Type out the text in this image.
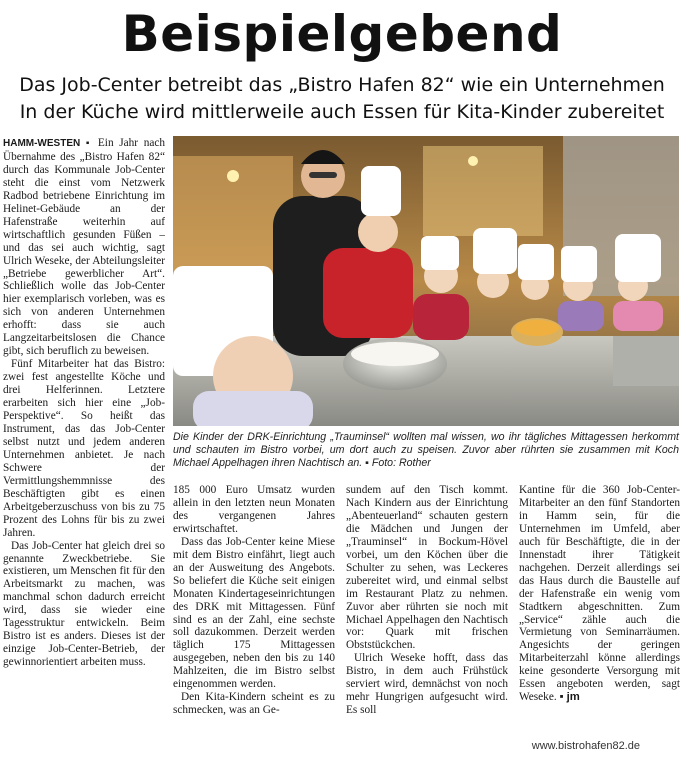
Beispielgebend
Das Job-Center betreibt das „Bistro Hafen 82“ wie ein Unternehmen
In der Küche wird mittlerweile auch Essen für Kita-Kinder zubereitet

HAMM-WESTEN ▪ Ein Jahr nach Übernahme des „Bistro Hafen 82“ durch das Kommunale Job-Center steht die einst vom Netzwerk Radbod betriebene Einrichtung im Helinet-Gebäude an der Hafenstraße weiterhin auf wirtschaftlich gesunden Füßen – und das sei auch wichtig, sagt Ulrich Weseke, der Abteilungsleiter „Betriebe gewerblicher Art“. Schließlich wolle das Job-Center hier exemplarisch vorleben, was es sich von anderen Unternehmen erhofft: dass sie auch Langzeitarbeitslosen die Chance gibt, sich beruflich zu beweisen.

Fünf Mitarbeiter hat das Bistro: zwei fest angestellte Köche und drei Helferinnen. Letztere erarbeiten sich hier eine „Job-Perspektive“. So heißt das Instrument, das das Job-Center selbst nutzt und jedem anderen Unternehmen anbietet. Je nach Schwere der Vermittlungshemmnisse des Beschäftigten gibt es einen Arbeitgeberzuschuss von bis zu 75 Prozent des Lohns für bis zu zwei Jahren.

Das Job-Center hat gleich drei so genannte Zweckbetriebe. Sie existieren, um Menschen fit für den Arbeitsmarkt zu machen, was manchmal schon dadurch erreicht wird, dass sie wieder eine Tagesstruktur entwickeln. Beim Bistro ist es anders. Dieses ist der einzige Job-Center-Betrieb, der gewinnorientiert arbeiten muss.

Die Kinder der DRK-Einrichtung „Trauminsel“ wollten mal wissen, wo ihr tägliches Mittagessen herkommt und schauten im Bistro vorbei, um dort auch zu speisen. Zuvor aber rührten sie zusammen mit Koch Michael Appelhagen ihren Nachtisch an. ▪ Foto: Rother

185 000 Euro Umsatz wurden allein in den letzten neun Monaten des vergangenen Jahres erwirtschaftet.

Dass das Job-Center keine Miese mit dem Bistro einfährt, liegt auch an der Ausweitung des Angebots. So beliefert die Küche seit einigen Monaten Kindertageseinrichtungen des DRK mit Mittagessen. Fünf sind es an der Zahl, eine sechste soll dazukommen. Derzeit werden täglich 175 Mittagessen ausgegeben, neben den bis zu 140 Mahlzeiten, die im Bistro selbst eingenommen werden.

Den Kita-Kindern scheint es zu schmecken, was an Ge-

sundem auf den Tisch kommt. Nach Kindern aus der Einrichtung „Abenteuerland“ schauten gestern die Mädchen und Jungen der „Trauminsel“ in Bockum-Hövel vorbei, um den Köchen über die Schulter zu sehen, was Leckeres zubereitet wird, und einmal selbst im Restaurant Platz zu nehmen. Zuvor aber rührten sie noch mit Michael Appelhagen den Nachtisch vor: Quark mit frischen Obststückchen.

Ulrich Weseke hofft, dass das Bistro, in dem auch Frühstück serviert wird, demnächst von noch mehr Hungrigen aufgesucht wird. Es soll

Kantine für die 360 Job-Center-Mitarbeiter an den fünf Standorten in Hamm sein, für die Unternehmen im Umfeld, aber auch für Beschäftigte, die in der Innenstadt ihrer Tätigkeit nachgehen. Derzeit allerdings sei das Haus durch die Baustelle auf der Hafenstraße ein wenig vom Stadtkern abgeschnitten. Zum „Service“ zähle auch die Vermietung von Seminarräumen. Angesichts der geringen Mitarbeiterzahl könne allerdings keine gesonderte Versorgung mit Essen angeboten werden, sagt Weseke. ▪ jm

www.bistrohafen82.de
